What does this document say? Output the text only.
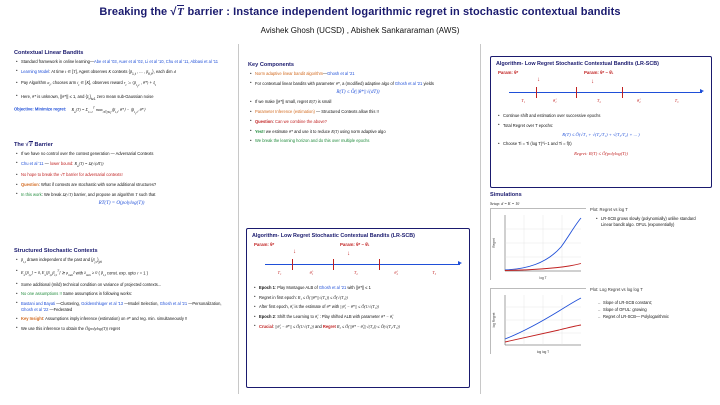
Breaking the √T barrier : Instance independent logarithmic regret in stochastic contextual bandits
Avishek Ghosh (UCSD) , Abishek Sankararaman (AWS)
Contextual Linear Bandits
• Standard framework in online learning—Abe et al '03, Auer et al '02, Li et al '10, Chu et al '11, Abbasi et al '11
• Learning Model: At time t ∈ [T], Agent observes K contexts {$\beta_{1,t}$ , ... , $\beta_{K,t}$}, each dim d
• Pay Algorithm $a_t$, chooses arm $i_t$ ∈ [K], observes reward $r_t$ := $⟨\beta_{i_t,t}$ , θ*⟩ + $\xi_t$
• Here, θ* is unknown, ||θ*|| ≤ 1, and $\{\xi_t\}_{t\ge 1}$ zero mean sub-Gaussian noise
Objective: Minimize regret: $R_a(T) = \Sigma_{t=1}^T$ $\max_{i\in[K]}⟨\beta_{i,t}$, θ*⟩ − $⟨\beta_{i_t,t}$, θ*⟩
The √T Barrier
• If we have no control over the context generation — Adversarial Contexts
• Chu et al '11 — lower bound: $R_a(T) = \Omega(√(dT))$
• No hope to break the √T barrier for adversarial contexts!
• Question: What if contexts are stochastic with some additional structures?
• In this work: We break Ω(√T) barrier, and propose an algorithm T such that
RT(T) = O(polylog(T))
Structured Stochastic Contexts
• $\beta_{i,t}$ drawn independent of the past and $\{\beta_{j,t}\}_{j\ne i}$
• $E_x[\beta_{i,t}] = 0$, $E_x[\beta_{i,t}\beta_{i,t}^T]$ ⪰ $\rho_{min}I$ with $\lambda_{min} \ge 0$ ( $\beta_{i,t}$ const. exp. upto r = 1 )
• Some additional (mild) technical condition on variance of projected contexts...
• No one assumptions !! Same assumptions in following works:
• Bastani and Bayati —Clustering, Goldenshluger et al '13 —Model Selection, Ghosh et al '21 —Personalization, Ghosh et al '22 —Federated
• Key Insight: Assumptions imply inference (estimation) on θ* and reg. min. simultaneously !!
• We use this inference to obtain the Õ(polylog(T)) regret
Key Components
• Norm adaptive linear bandit algorithm—Ghosh et al '21
• For contextual linear bandits with parameter θ*, a (modified) adaptive algo of Ghosh et al '21 yields
R(T) ≤ Õ(||θ*||√(dT))
• If we make ||θ*|| small, regret R(T) is small
• Parameter Inference (estimation) — Structured Contexts allow this !!
• Question: Can we combine the above?
• Yes!! we estimate θ* and use it to reduce R(T) using norm adaptive algo
• We break the learning horizon and do this over multiple epochs
Algorithm- Low Regret Stochastic Contextual Bandits (LR-SCB)
Param: θ*	Param: θ* − θ̂₁
↓	↓
T₁	θ̂₁	T₂	θ̂₂	T₃
• Epoch 1: Play Montague ALB of Ghosh et al '21 with ||θ*|| ≤ 1
• Regret in first epoch: R₁ ≤ Õ(||θ*||√(T₁)) ≤ Õ(√(T₁))
• After first epoch, θ̂₁ is the estimate of θ* with ||θ̂₁ − θ*|| ≤ Õ(1/√(T₁))
• Epoch 2: Shift the Learning to θ̂₁ : Play shifted ALB with parameter θ* − θ̂₁
• Crucial: ||θ̂₁ − θ*|| ≤ Õ(1/√(T₁)) and Regret R₂ ≤ Õ(||θ* − θ̂₁||√(T₂)) ≤ Õ(√(T₂/T₁))
Algorithm- Low Regret Stochastic Contextual Bandits (LR-SCB)
Param: θ*	Param: θ* − θ̂₁
↓	↓
T₁	θ̂₁	T₂	θ̂₂	T₃
• Continue shift and estimation over successive epochs
• Total Regret over T epochs:
R(T) ≤ Õ(√T₁ + √(T₂/T₁) + √(T₃/T₂) + ... )
• Choose Ti = Ti (log T)^i−1 and Ti = f(t)
Regret: R(T) ≤ Õ(polylog(T))
Simulations
Setup: d = K = 10
log T
Regret
Plot: Regret vs log T
• LR-SCB grows slowly (polynomially) unlike standard Linear bandit algo. OFUL (exponentially)
log log T
log Regret
Plot: Log Regret vs log log T
– Slope of LR-SCB constant;
– Slope of OFUL: growing
– Regret of LR-SCB— Polylogarithmic
